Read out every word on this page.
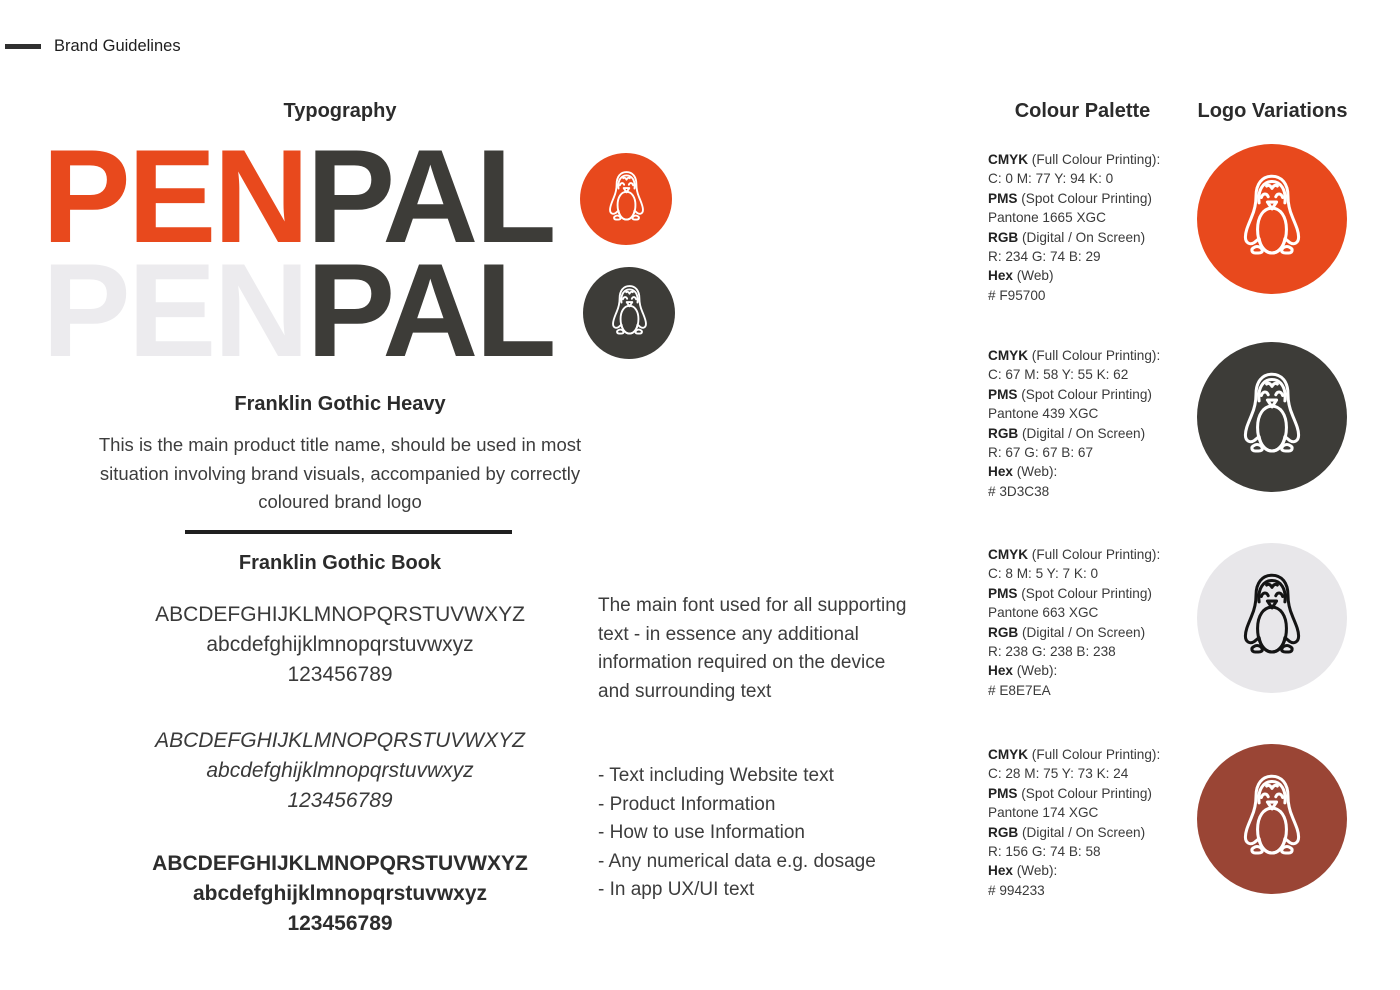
Brand Guidelines
Typography
PENPAL
PENPAL
Franklin Gothic Heavy
This is the main product title name, should be used in most situation involving brand visuals, accompanied by correctly coloured brand logo
Franklin Gothic Book
ABCDEFGHIJKLMNOPQRSTUVWXYZ
abcdefghijklmnopqrstuvwxyz
123456789
ABCDEFGHIJKLMNOPQRSTUVWXYZ
abcdefghijklmnopqrstuvwxyz
123456789
ABCDEFGHIJKLMNOPQRSTUVWXYZ
abcdefghijklmnopqrstuvwxyz
123456789
The main font used for all supporting text - in essence any additional information required on the device and surrounding text
- Text including Website text
- Product Information
- How to use Information
- Any numerical data e.g. dosage
- In app UX/UI text
Colour Palette	Logo Variations
CMYK (Full Colour Printing):
C: 0 M: 77 Y: 94 K: 0
PMS (Spot Colour Printing)
Pantone 1665 XGC
RGB (Digital / On Screen)
R: 234 G: 74 B: 29
Hex (Web)
# F95700
CMYK (Full Colour Printing):
C: 67 M: 58 Y: 55 K: 62
PMS (Spot Colour Printing)
Pantone 439 XGC
RGB (Digital / On Screen)
R: 67 G: 67 B: 67
Hex (Web):
# 3D3C38
CMYK (Full Colour Printing):
C: 8 M: 5 Y: 7 K: 0
PMS (Spot Colour Printing)
Pantone 663 XGC
RGB (Digital / On Screen)
R: 238 G: 238 B: 238
Hex (Web):
# E8E7EA
CMYK (Full Colour Printing):
C: 28 M: 75 Y: 73 K: 24
PMS (Spot Colour Printing)
Pantone 174 XGC
RGB (Digital / On Screen)
R: 156 G: 74 B: 58
Hex (Web):
# 994233
